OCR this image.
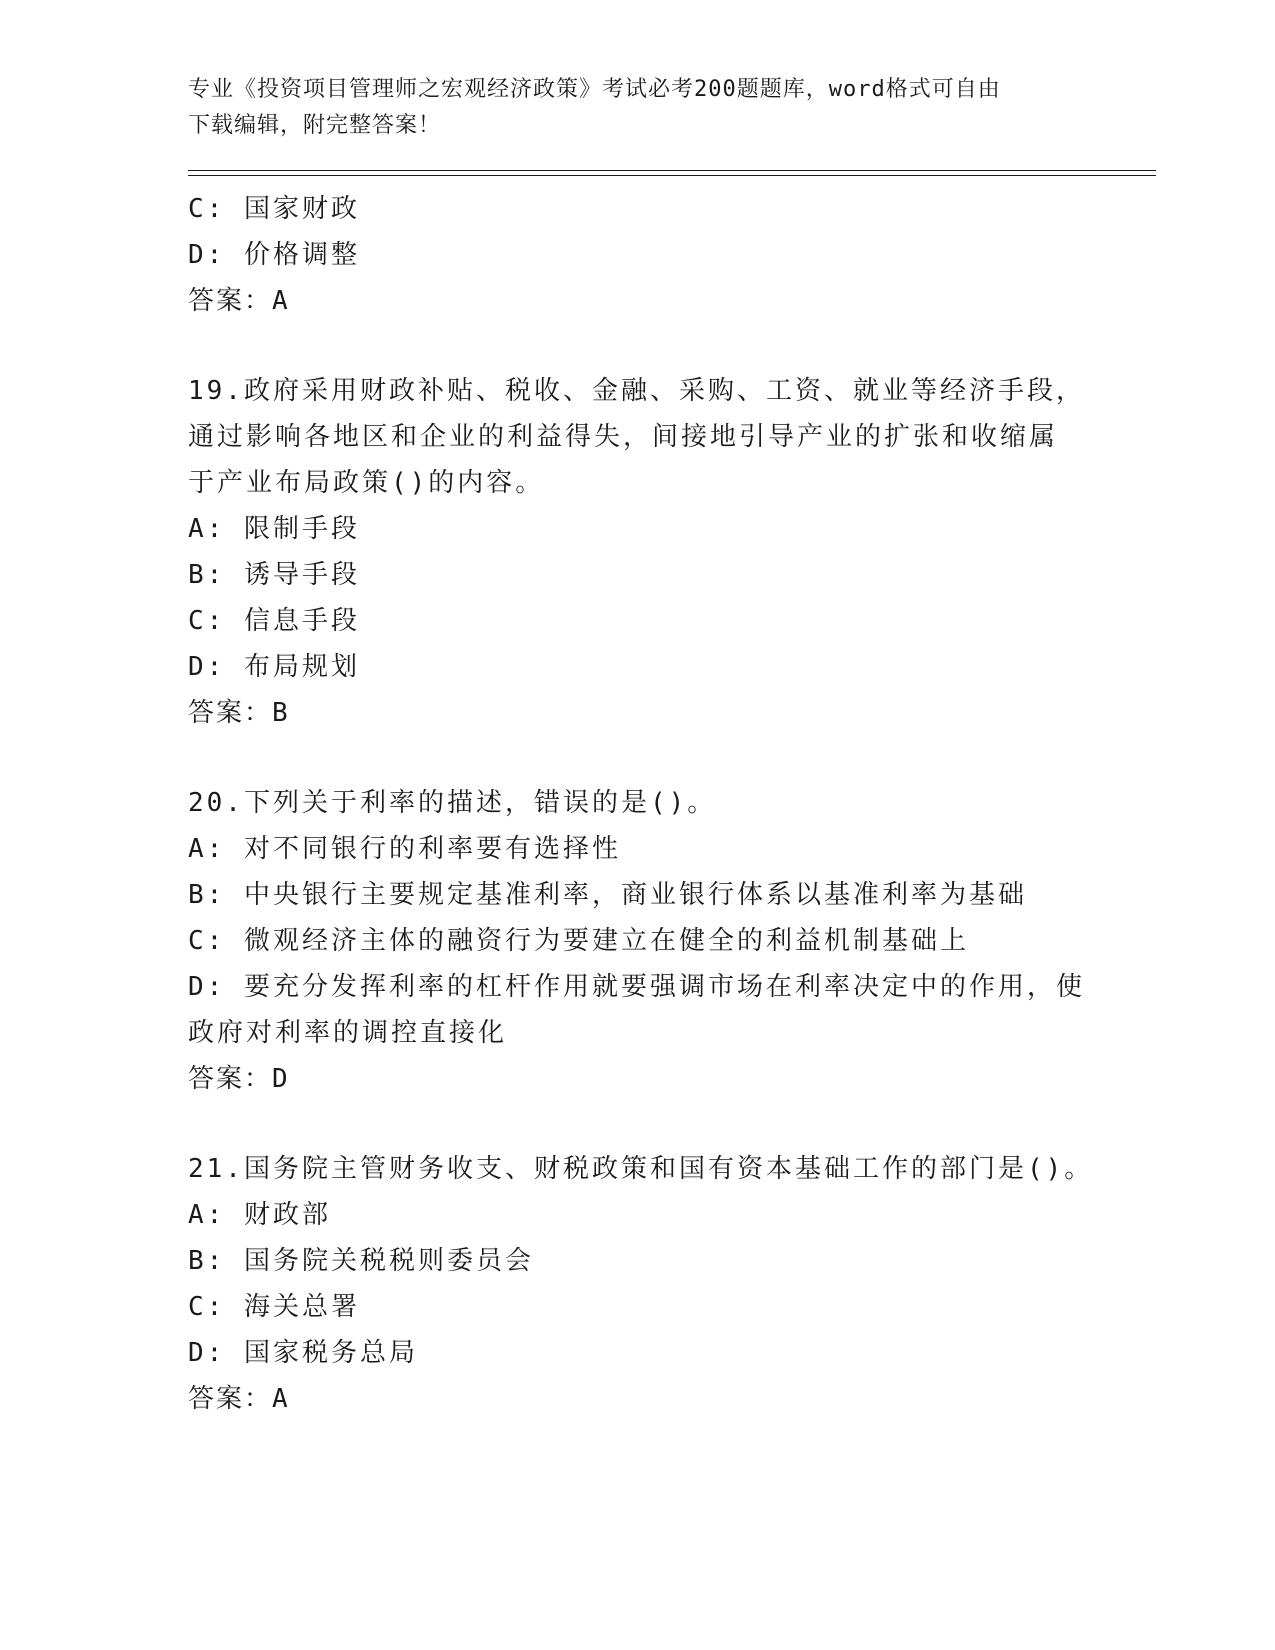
专业《投资项目管理师之宏观经济政策》考试必考200题题库，word格式可自由
下载编辑，附完整答案！
C: 国家财政
D: 价格调整
答案：A
19.政府采用财政补贴、税收、金融、采购、工资、就业等经济手段，
通过影响各地区和企业的利益得失，间接地引导产业的扩张和收缩属
于产业布局政策()的内容。
A: 限制手段
B: 诱导手段
C: 信息手段
D: 布局规划
答案：B
20.下列关于利率的描述，错误的是()。
A: 对不同银行的利率要有选择性
B: 中央银行主要规定基准利率，商业银行体系以基准利率为基础
C: 微观经济主体的融资行为要建立在健全的利益机制基础上
D: 要充分发挥利率的杠杆作用就要强调市场在利率决定中的作用，使
政府对利率的调控直接化
答案：D
21.国务院主管财务收支、财税政策和国有资本基础工作的部门是()。
A: 财政部
B: 国务院关税税则委员会
C: 海关总署
D: 国家税务总局
答案：A
